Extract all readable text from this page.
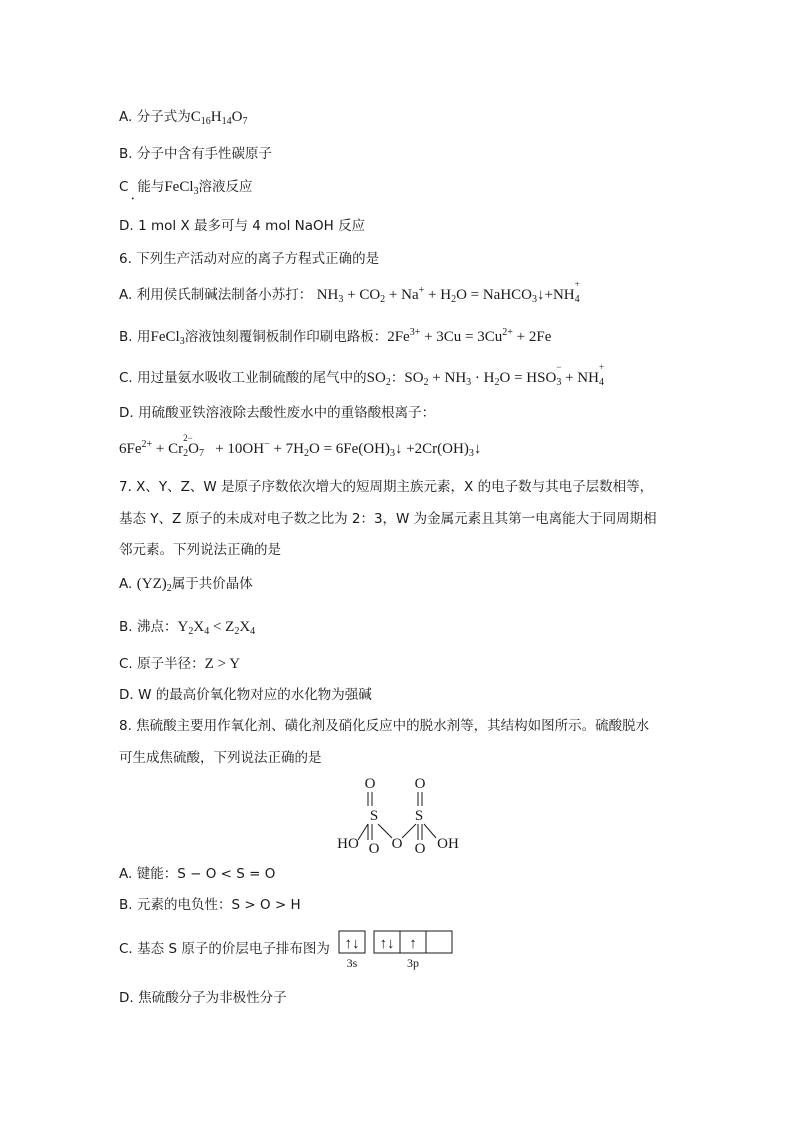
A. 分子式为$C_{16}H_{14}O_7$
B. 分子中含有手性碳原子
C 能与FeCl$_3$溶液反应
•
D. 1 mol X 最多可与 4 mol NaOH 反应
6. 下列生产活动对应的离子方程式正确的是
A. 利用侯氏制碱法制备小苏打： $NH_3 + CO_2 + Na^+ + H_2O$ = NaHCO$_3$↓+NH
$_{+ 4}$
B. 用FeCl$_3$溶液蚀刻覆铜板制作印刷电路板：$2Fe^{3+} + 3Cu = 3Cu^{2+} + 2Fe$
C. 用过量氨水吸收工业制硫酸的尾气中的$SO_2$：$SO_2 + NH_3 \cdot H_2O$ = HSO
$_{- 3}$ + NH
$_{+ 4}$
D. 用硫酸亚铁溶液除去酸性废水中的重铬酸根离子：
$6Fe^{2+} + Cr$
$_{2- 2}O_7 + 10OH^- + 7H_2O$ = $6Fe(OH)_3↓$ $+2Cr(OH)_3↓$
7. X、Y、Z、W 是原子序数依次增大的短周期主族元素，X 的电子数与其电子层数相等，
基态 Y、Z 原子的未成对电子数之比为 2：3，W 为金属元素且其第一电离能大于同周期相
邻元素。下列说法正确的是
A. $(YZ)_2$属于共价晶体
B. 沸点：$Y_2X_4 < Z_2X_4$
C. 原子半径：Z > Y
D. W 的最高价氧化物对应的水化物为强碱
8. 焦硫酸主要用作氧化剂、磺化剂及硝化反应中的脱水剂等，其结构如图所示。硫酸脱水
可生成焦硫酸，下列说法正确的是
O	O
S S
HO O O O OH
A. 键能：S − O < S = O
B. 元素的电负性：S > O > H
C. 基态 S 原子的价层电子排布图为 ↑↓ ↑↓ ↑
3s	3p
D. 焦硫酸分子为非极性分子
